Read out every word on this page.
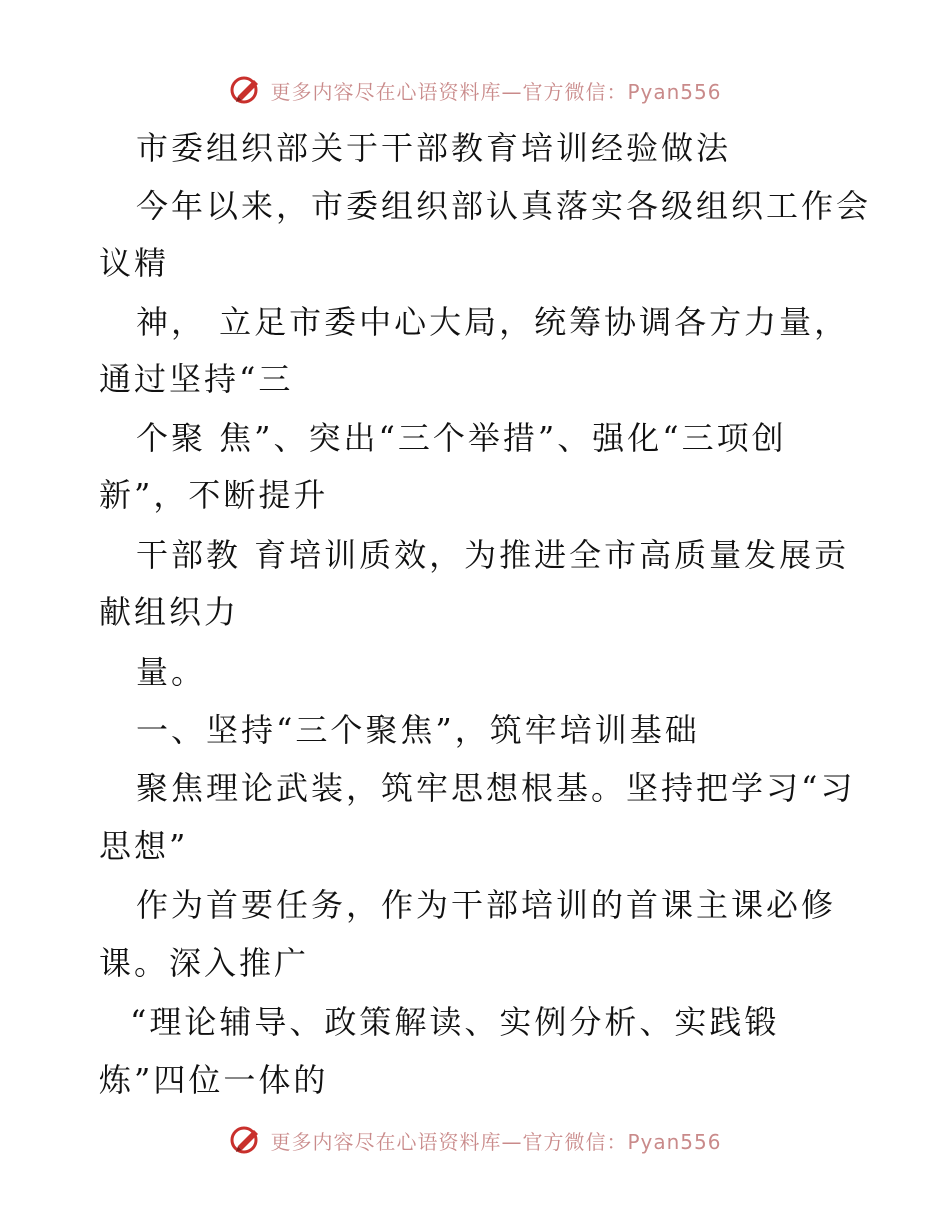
更多内容尽在心语资料库—官方微信：Pyan556
市委组织部关于干部教育培训经验做法
今年以来，市委组织部认真落实各级组织工作会
议精
神， 立足市委中心大局，统筹协调各方力量，
通过坚持“三
个聚 焦”、突出“三个举措”、强化“三项创
新”，不断提升
干部教 育培训质效，为推进全市高质量发展贡
献组织力
量。
一、坚持“三个聚焦”，筑牢培训基础
聚焦理论武装，筑牢思想根基。坚持把学习“习
思想”
作为首要任务，作为干部培训的首课主课必修
课。深入推广
“理论辅导、政策解读、实例分析、实践锻
炼”四位一体的
更多内容尽在心语资料库—官方微信：Pyan556
